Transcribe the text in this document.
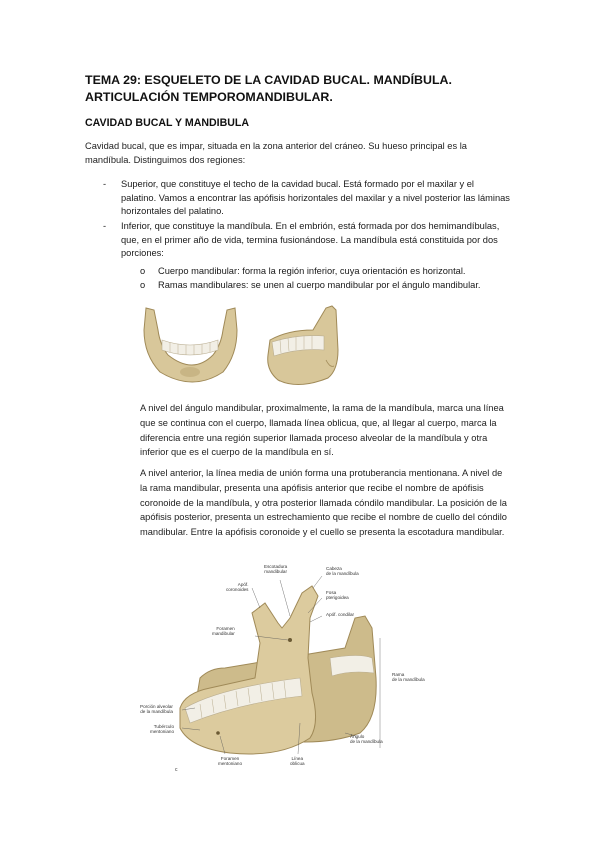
TEMA 29: ESQUELETO DE LA CAVIDAD BUCAL. MANDÍBULA.
ARTICULACIÓN TEMPOROMANDIBULAR.
CAVIDAD BUCAL Y MANDIBULA
Cavidad bucal, que es impar, situada en la zona anterior del cráneo. Su hueso principal es la mandíbula. Distinguimos dos regiones:
- Superior, que constituye el techo de la cavidad bucal. Está formado por el maxilar y el palatino. Vamos a encontrar las apófisis horizontales del maxilar y a nivel posterior las láminas horizontales del palatino.
- Inferior, que constituye la mandíbula. En el embrión, está formada por dos hemimandíbulas, que, en el primer año de vida, termina fusionándose. La mandíbula está constituida por dos porciones:
o Cuerpo mandibular: forma la región inferior, cuya orientación es horizontal.
o Ramas mandibulares: se unen al cuerpo mandibular por el ángulo mandibular.
A nivel del ángulo mandibular, proximalmente, la rama de la mandíbula, marca una línea que se continua con el cuerpo, llamada línea oblicua, que, al llegar al cuerpo, marca la diferencia entre una región superior llamada proceso alveolar de la mandíbula y otra inferior que es el cuerpo de la mandíbula en sí.
A nivel anterior, la línea media de unión forma una protuberancia mentionana. A nivel de la rama mandibular, presenta una apófisis anterior que recibe el nombre de apófisis coronoide de la mandíbula, y otra posterior llamada cóndilo mandibular. La posición de la apófisis posterior, presenta un estrechamiento que recibe el nombre de cuello del cóndilo mandibular. Entre la apófisis coronoide y el cuello se presenta la escotadura mandibular.
Escotadura
mandibular
Cabeza
de la mandíbula
Apóf.
coronoides
Fosa
pterigoidea
Apóf. condilar
Foramen
mandibular
Rama
de la mandíbula
Porción alveolar
de la mandíbula
Tubérculo
mentoniano
Ángulo
de la mandíbula
Foramen
mentoniano
Línea
oblicua
c
